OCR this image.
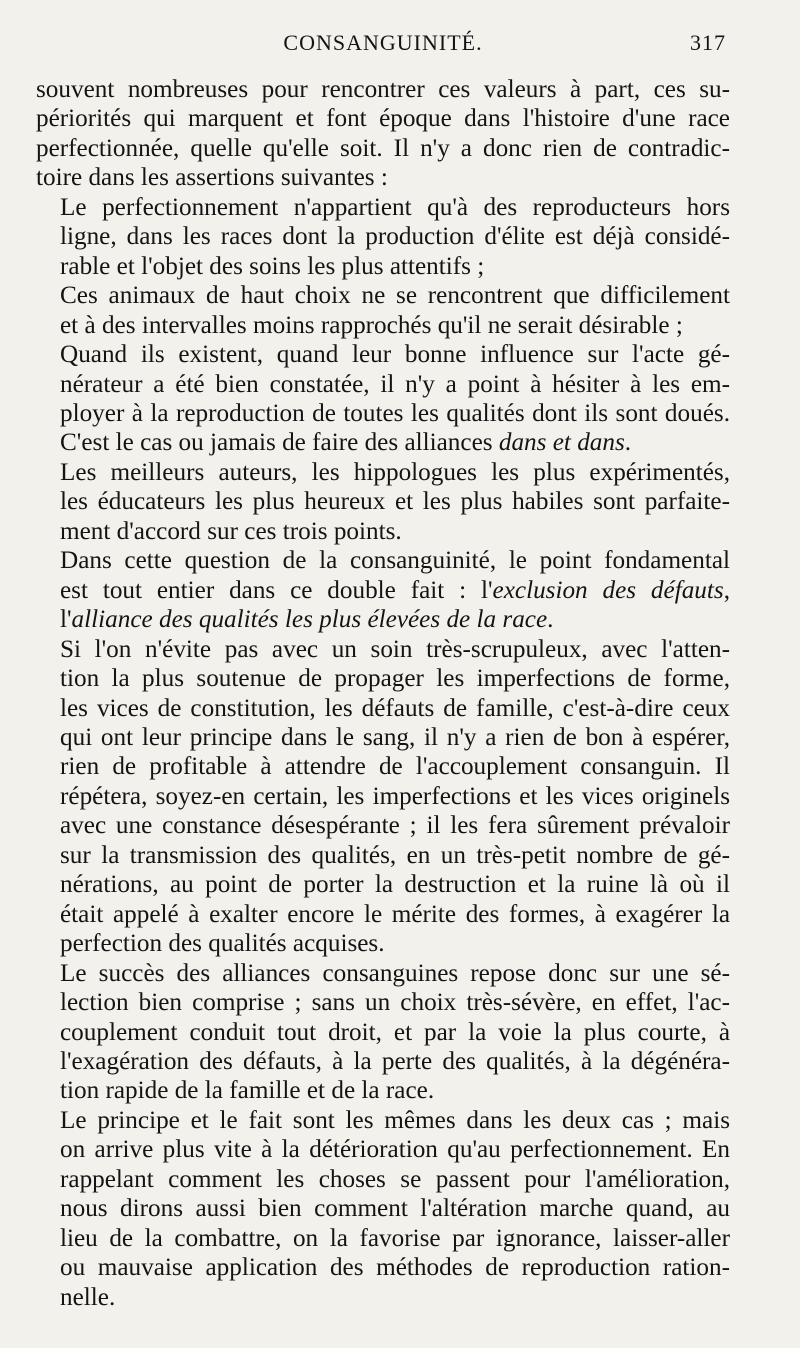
CONSANGUINITÉ.	317

souvent nombreuses pour rencontrer ces valeurs à part, ces su-
périorités qui marquent et font époque dans l'histoire d'une race
perfectionnée, quelle qu'elle soit. Il n'y a donc rien de contradic-
toire dans les assertions suivantes :

Le perfectionnement n'appartient qu'à des reproducteurs hors
ligne, dans les races dont la production d'élite est déjà considé-
rable et l'objet des soins les plus attentifs ;

Ces animaux de haut choix ne se rencontrent que difficilement
et à des intervalles moins rapprochés qu'il ne serait désirable ;

Quand ils existent, quand leur bonne influence sur l'acte gé-
nérateur a été bien constatée, il n'y a point à hésiter à les em-
ployer à la reproduction de toutes les qualités dont ils sont doués.
C'est le cas ou jamais de faire des alliances dans et dans.

Les meilleurs auteurs, les hippologues les plus expérimentés,
les éducateurs les plus heureux et les plus habiles sont parfaite-
ment d'accord sur ces trois points.

Dans cette question de la consanguinité, le point fondamental
est tout entier dans ce double fait : l'exclusion des défauts,
l'alliance des qualités les plus élevées de la race.

Si l'on n'évite pas avec un soin très-scrupuleux, avec l'atten-
tion la plus soutenue de propager les imperfections de forme,
les vices de constitution, les défauts de famille, c'est-à-dire ceux
qui ont leur principe dans le sang, il n'y a rien de bon à espérer,
rien de profitable à attendre de l'accouplement consanguin. Il
répétera, soyez-en certain, les imperfections et les vices originels
avec une constance désespérante ; il les fera sûrement prévaloir
sur la transmission des qualités, en un très-petit nombre de gé-
nérations, au point de porter la destruction et la ruine là où il
était appelé à exalter encore le mérite des formes, à exagérer la
perfection des qualités acquises.

Le succès des alliances consanguines repose donc sur une sé-
lection bien comprise ; sans un choix très-sévère, en effet, l'ac-
couplement conduit tout droit, et par la voie la plus courte, à
l'exagération des défauts, à la perte des qualités, à la dégénéra-
tion rapide de la famille et de la race.

Le principe et le fait sont les mêmes dans les deux cas ; mais
on arrive plus vite à la détérioration qu'au perfectionnement. En
rappelant comment les choses se passent pour l'amélioration,
nous dirons aussi bien comment l'altération marche quand, au
lieu de la combattre, on la favorise par ignorance, laisser-aller
ou mauvaise application des méthodes de reproduction ration-
nelle.
